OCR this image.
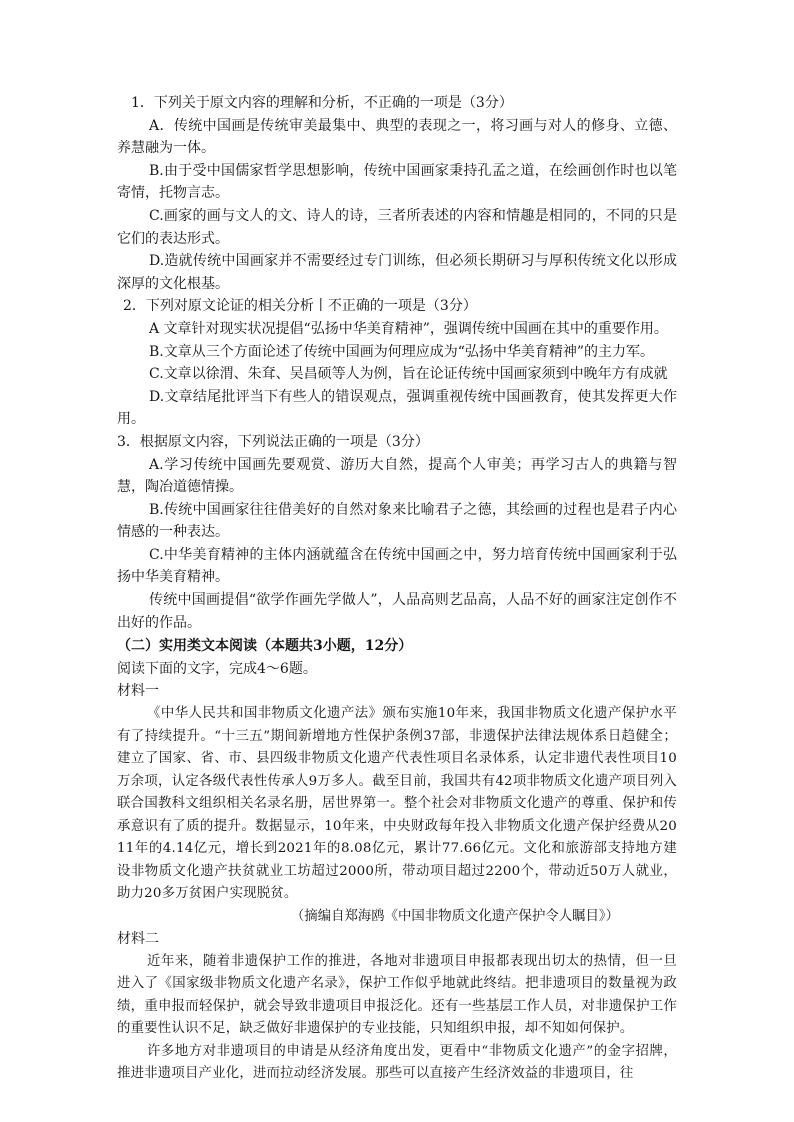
1．下列关于原文内容的理解和分析，不正确的一项是（3分）

A．传统中国画是传统审美最集中、典型的表现之一，将习画与对人的修身、立德、养慧融为一体。

B.由于受中国儒家哲学思想影响，传统中国画家秉持孔孟之道，在绘画创作时也以笔寄情，托物言志。

C.画家的画与文人的文、诗人的诗，三者所表述的内容和情趣是相同的，不同的只是它们的表达形式。

D.造就传统中国画家并不需要经过专门训练，但必须长期研习与厚积传统文化以形成深厚的文化根基。

2．下列对原文论证的相关分析丨不正确的一项是（3分）

A 文章针对现实状况提倡“弘扬中华美育精神”，强调传统中国画在其中的重要作用。

B.文章从三个方面论述了传统中国画为何理应成为“弘扬中华美育精神”的主力军。

C.文章以徐渭、朱耷、吴昌硕等人为例，旨在论证传统中国画家须到中晚年方有成就

D.文章结尾批评当下有些人的错误观点，强调重视传统中国画教育，使其发挥更大作用。

3．根据原文内容，下列说法正确的一项是（3分）

A.学习传统中国画先要观赏、游历大自然，提高个人审美；再学习古人的典籍与智慧，陶冶道德情操。

B.传统中国画家往往借美好的自然对象来比喻君子之德，其绘画的过程也是君子内心情感的一种表达。

C.中华美育精神的主体内涵就蕴含在传统中国画之中，努力培育传统中国画家利于弘扬中华美育精神。

传统中国画提倡“欲学作画先学做人”，人品高则艺品高，人品不好的画家注定创作不出好的作品。

（二）实用类文本阅读（本题共3小题，12分）

阅读下面的文字，完成4～6题。

材料一

《中华人民共和国非物质文化遗产法》颁布实施10年来，我国非物质文化遗产保护水平有了持续提升。“十三五”期间新增地方性保护条例37部，非遗保护法律法规体系日趋健全；建立了国家、省、市、县四级非物质文化遗产代表性项目名录体系，认定非遗代表性项目10万余项，认定各级代表性传承人9万多人。截至目前，我国共有42项非物质文化遗产项目列入联合国教科文组织相关名录名册，居世界第一。整个社会对非物质文化遗产的尊重、保护和传承意识有了质的提升。数据显示，10年来，中央财政每年投入非物质文化遗产保护经费从2011年的4.14亿元，增长到2021年的8.08亿元，累计77.66亿元。文化和旅游部支持地方建设非物质文化遗产扶贫就业工坊超过2000所，带动项目超过2200个，带动近50万人就业，助力20多万贫困户实现脱贫。

（摘编自郑海鸥《中国非物质文化遗产保护令人瞩目》）

材料二

近年来，随着非遗保护工作的推进，各地对非遗项目申报都表现出切太的热情，但一旦进入了《国家级非物质文化遗产名录》，保护工作似乎地就此终结。把非遗项目的数量视为政绩，重申报而轻保护，就会导致非遗项目申报泛化。还有一些基层工作人员，对非遗保护工作的重要性认识不足，缺乏做好非遗保护的专业技能，只知组织申报，却不知如何保护。

许多地方对非遗项目的申请是从经济角度出发，更看中“非物质文化遗产”的金字招牌，推进非遗项目产业化，进而拉动经济发展。那些可以直接产生经济效益的非遗项目，往
